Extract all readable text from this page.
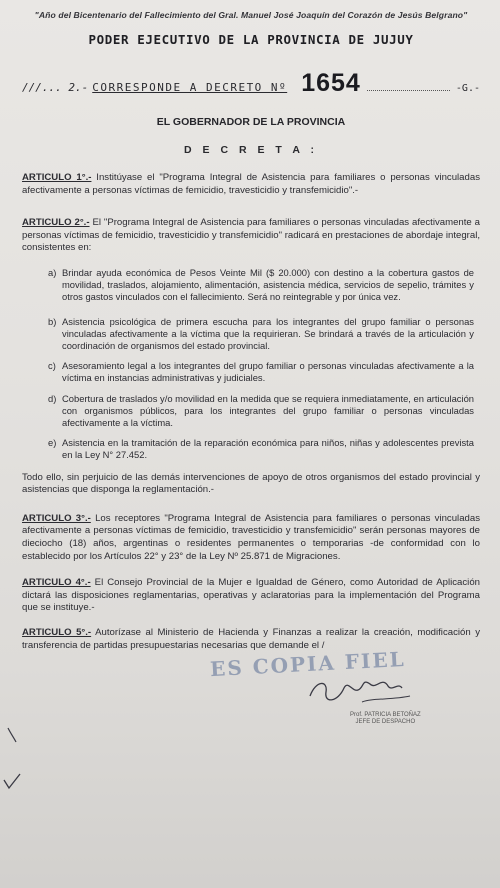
"Año del Bicentenario del Fallecimiento del Gral. Manuel José Joaquín del Corazón de Jesús Belgrano"
PODER EJECUTIVO DE LA PROVINCIA DE JUJUY
///... 2.- CORRESPONDE A DECRETO Nº 1654	-G.-
EL GOBERNADOR DE LA PROVINCIA
D E C R E T A :

ARTICULO 1°.- Institúyase el "Programa Integral de Asistencia para familiares o personas vinculadas afectivamente a personas víctimas de femicidio, travesticidio y transfemicidio".-

ARTICULO 2°.- El "Programa Integral de Asistencia para familiares o personas vinculadas afectivamente a personas víctimas de femicidio, travesticidio y transfemicidio" radicará en prestaciones de abordaje integral, consistentes en:

a) Brindar ayuda económica de Pesos Veinte Mil ($ 20.000) con destino a la cobertura gastos de movilidad, traslados, alojamiento, alimentación, asistencia médica, servicios de sepelio, trámites y otros gastos vinculados con el fallecimiento. Será no reintegrable y por única vez.
b) Asistencia psicológica de primera escucha para los integrantes del grupo familiar o personas vinculadas afectivamente a la víctima que la requirieran. Se brindará a través de la articulación y coordinación de organismos del estado provincial.
c) Asesoramiento legal a los integrantes del grupo familiar o personas vinculadas afectivamente a la víctima en instancias administrativas y judiciales.
d) Cobertura de traslados y/o movilidad en la medida que se requiera inmediatamente, en articulación con organismos públicos, para los integrantes del grupo familiar o personas vinculadas afectivamente a la víctima.
e) Asistencia en la tramitación de la reparación económica para niños, niñas y adolescentes prevista en la Ley N° 27.452.

Todo ello, sin perjuicio de las demás intervenciones de apoyo de otros organismos del estado provincial y asistencias que disponga la reglamentación.-

ARTICULO 3°.- Los receptores "Programa Integral de Asistencia para familiares o personas vinculadas afectivamente a personas víctimas de femicidio, travesticidio y transfemicidio" serán personas mayores de dieciocho (18) años, argentinas o residentes permanentes o temporarias -de conformidad con lo establecido por los Artículos 22° y 23° de la Ley Nº 25.871 de Migraciones.

ARTICULO 4°.- El Consejo Provincial de la Mujer e Igualdad de Género, como Autoridad de Aplicación dictará las disposiciones reglamentarias, operativas y aclaratorias para la implementación del Programa que se instituye.-

ARTICULO 5°.- Autorízase al Ministerio de Hacienda y Finanzas a realizar la creación, modificación y transferencia de partidas presupuestarias necesarias que demande el /

ES COPIA FIEL
Prof. PATRICIA BETOÑAZ
JEFE DE DESPACHO
